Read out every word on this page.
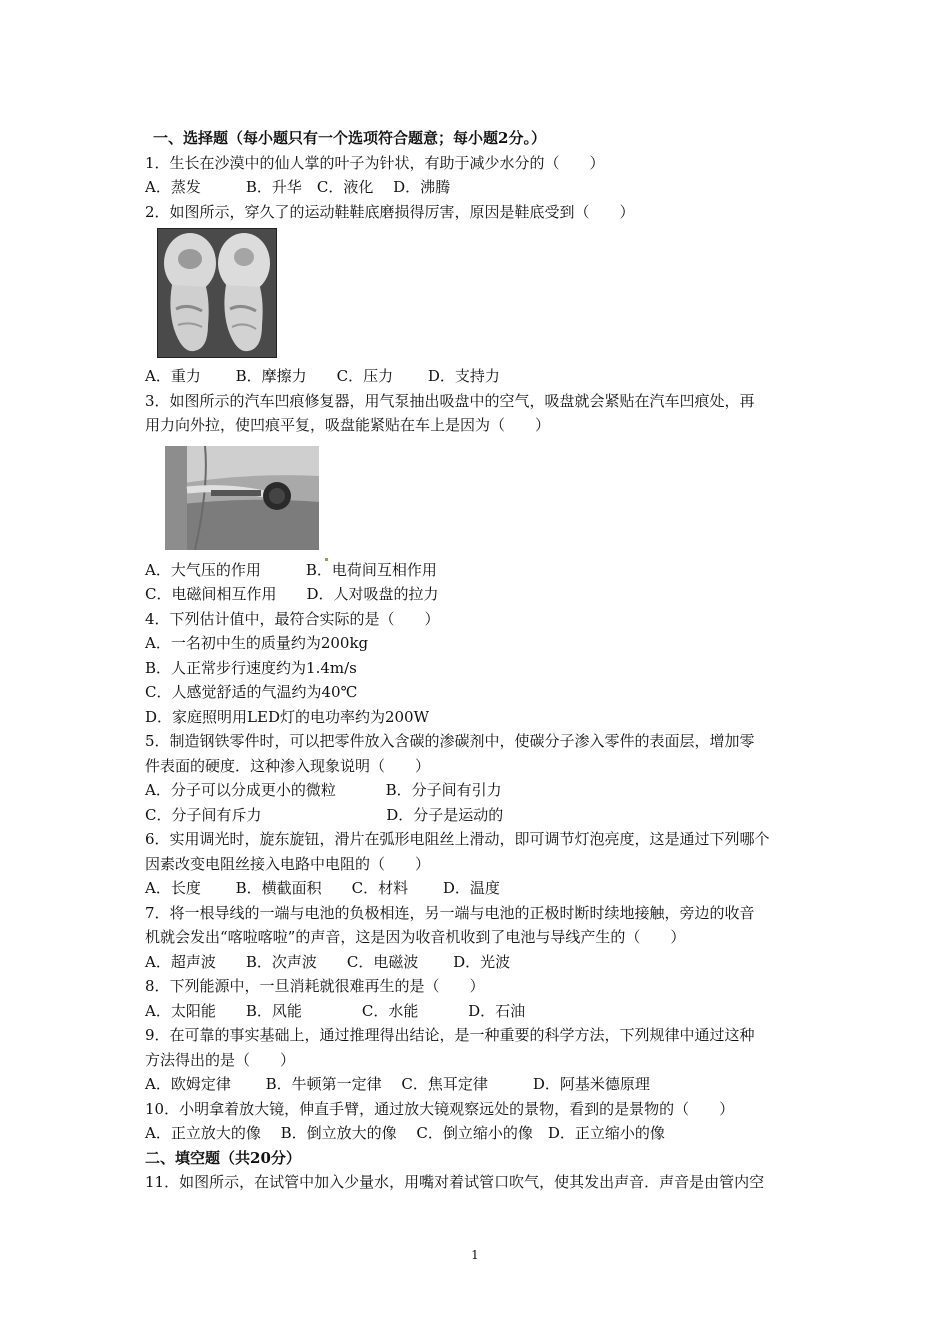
一、选择题（每小题只有一个选项符合题意；每小题2分。）
1．生长在沙漠中的仙人掌的叶子为针状，有助于减少水分的（　　）
A．蒸发　　　B．升华　C．液化　 D．沸腾
2．如图所示，穿久了的运动鞋鞋底磨损得厉害，原因是鞋底受到（　　）
A．重力　　 B．摩擦力　　C．压力　　 D．支持力
3．如图所示的汽车凹痕修复器，用气泵抽出吸盘中的空气，吸盘就会紧贴在汽车凹痕处，再
用力向外拉，使凹痕平复，吸盘能紧贴在车上是因为（　　）
A．大气压的作用　　　B．电荷间互相作用
C．电磁间相互作用　　D．人对吸盘的拉力
4．下列估计值中，最符合实际的是（　　）
A．一名初中生的质量约为200kg
B．人正常步行速度约为1.4m/s
C．人感觉舒适的气温约为40℃
D．家庭照明用LED灯的电功率约为200W
5．制造钢铁零件时，可以把零件放入含碳的渗碳剂中，使碳分子渗入零件的表面层，增加零
件表面的硬度．这种渗入现象说明（　　）
A．分子可以分成更小的微粒　　　 B．分子间有引力
C．分子间有斥力　　　　　　　　 D．分子是运动的
6．实用调光时，旋东旋钮，滑片在弧形电阻丝上滑动，即可调节灯泡亮度，这是通过下列哪个
因素改变电阻丝接入电路中电阻的（　　）
A．长度　　 B．横截面积　　C．材料　　 D．温度
7．将一根导线的一端与电池的负极相连，另一端与电池的正极时断时续地接触，旁边的收音
机就会发出“喀啦喀啦”的声音，这是因为收音机收到了电池与导线产生的（　　）
A．超声波　　B．次声波　　C．电磁波　　 D．光波
8．下列能源中，一旦消耗就很难再生的是（　　）
A．太阳能　　B．风能　　　　C．水能　　　 D．石油
9．在可靠的事实基础上，通过推理得出结论，是一种重要的科学方法，下列规律中通过这种
方法得出的是（　　）
A．欧姆定律　　 B．牛顿第一定律　 C．焦耳定律　　　D．阿基米德原理
10．小明拿着放大镜，伸直手臂，通过放大镜观察远处的景物，看到的是景物的（　　）
A．正立放大的像　 B．倒立放大的像　 C．倒立缩小的像　D．正立缩小的像
二、填空题（共20分）
11．如图所示，在试管中加入少量水，用嘴对着试管口吹气，使其发出声音．声音是由管内空
1
